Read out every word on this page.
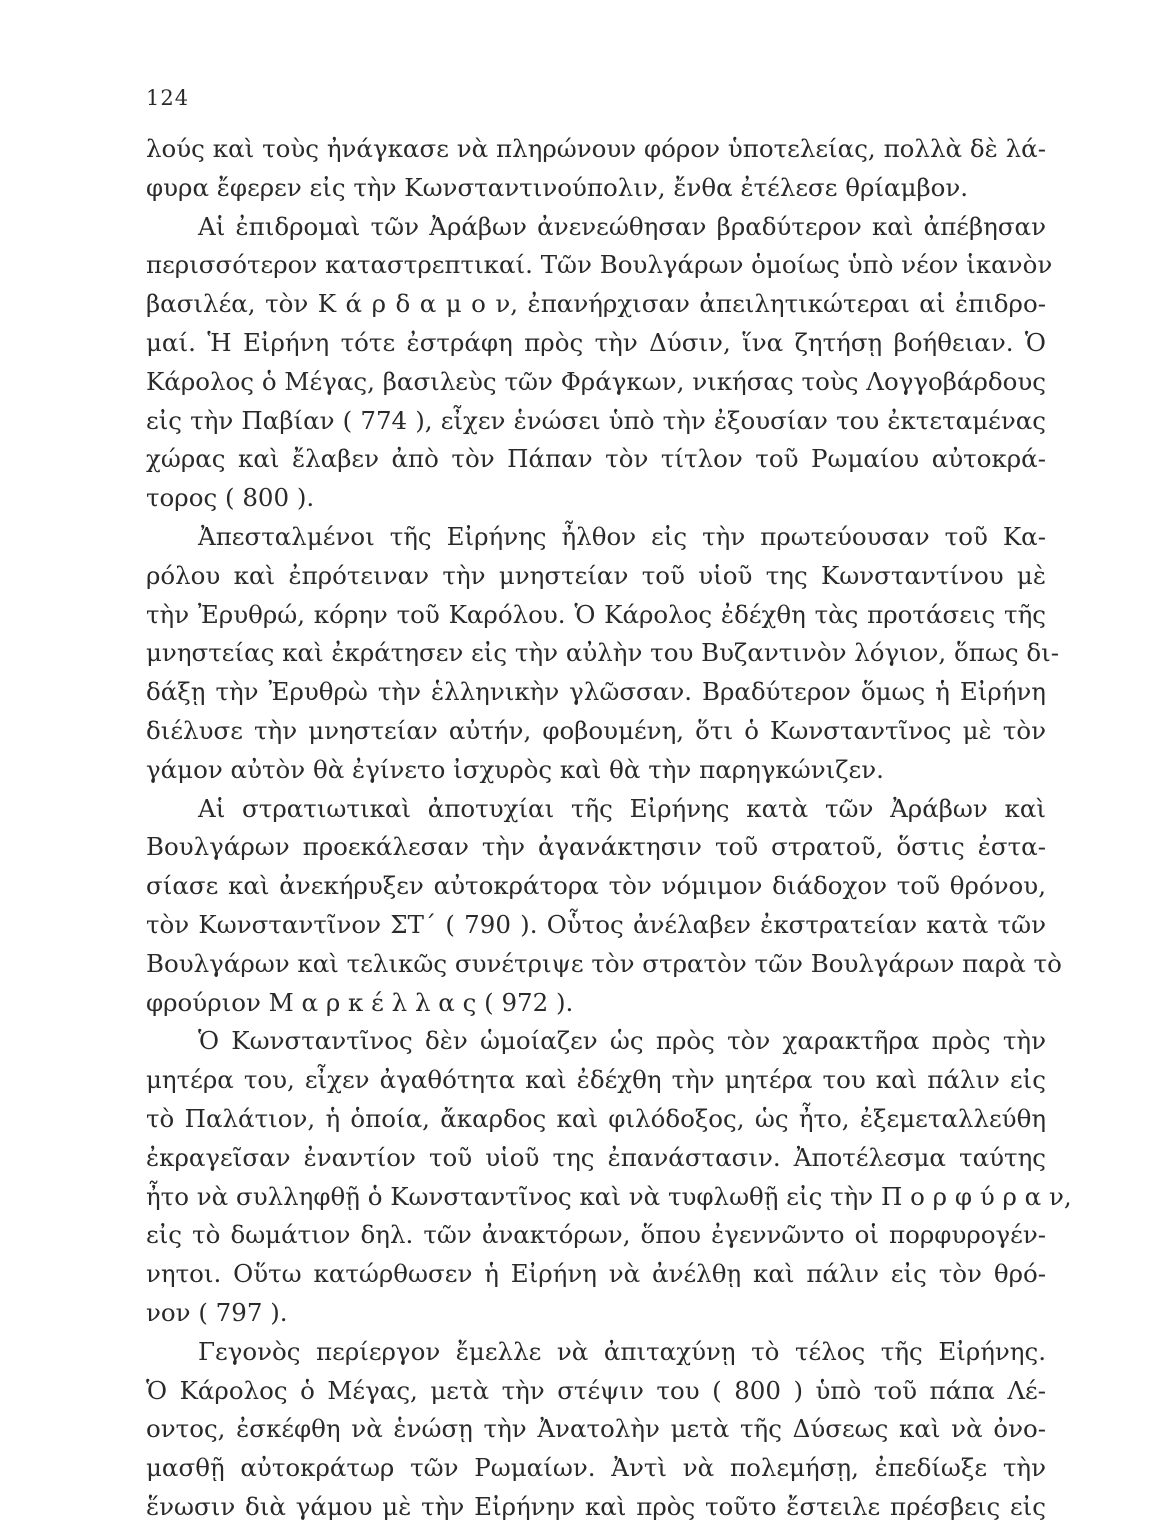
124
λούς καὶ τοὺς ἠνάγκασε νὰ πληρώνουν φόρον ὑποτελείας, πολλὰ δὲ λά-
φυρα ἔφερεν εἰς τὴν Κωνσταντινούπολιν, ἔνθα ἐτέλεσε θρίαμβον.
Αἱ ἐπιδρομαὶ τῶν Ἀράβων ἀνενεώθησαν βραδύτερον καὶ ἀπέβησαν
περισσότερον καταστρεπτικαί. Τῶν Βουλγάρων ὁμοίως ὑπὸ νέον ἱκανὸν
βασιλέα, τὸν Κ ά ρ δ α μ ο ν, ἐπανήρχισαν ἀπειλητικώτεραι αἱ ἐπιδρο-
μαί. Ἡ Εἰρήνη τότε ἐστράφη πρὸς τὴν Δύσιν, ἵνα ζητήσῃ βοήθειαν. Ὁ
Κάρολος ὁ Μέγας, βασιλεὺς τῶν Φράγκων, νικήσας τοὺς Λογγοβάρδους
εἰς τὴν Παβίαν ( 774 ), εἶχεν ἑνώσει ὑπὸ τὴν ἐξουσίαν του ἐκτεταμένας
χώρας καὶ ἔλαβεν ἀπὸ τὸν Πάπαν τὸν τίτλον τοῦ Ρωμαίου αὐτοκρά-
τορος ( 800 ).
Ἀπεσταλμένοι τῆς Εἰρήνης ἦλθον εἰς τὴν πρωτεύουσαν τοῦ Κα-
ρόλου καὶ ἐπρότειναν τὴν μνηστείαν τοῦ υἱοῦ της Κωνσταντίνου μὲ
τὴν Ἐρυθρώ, κόρην τοῦ Καρόλου. Ὁ Κάρολος ἐδέχθη τὰς προτάσεις τῆς
μνηστείας καὶ ἐκράτησεν εἰς τὴν αὐλὴν του Βυζαντινὸν λόγιον, ὅπως δι-
δάξῃ τὴν Ἐρυθρὼ τὴν ἑλληνικὴν γλῶσσαν. Βραδύτερον ὅμως ἡ Εἰρήνη
διέλυσε τὴν μνηστείαν αὐτήν, φοβουμένη, ὅτι ὁ Κωνσταντῖνος μὲ τὸν
γάμον αὐτὸν θὰ ἐγίνετο ἰσχυρὸς καὶ θὰ τὴν παρηγκώνιζεν.
Αἱ στρατιωτικαὶ ἀποτυχίαι τῆς Εἰρήνης κατὰ τῶν Ἀράβων καὶ
Βουλγάρων προεκάλεσαν τὴν ἀγανάκτησιν τοῦ στρατοῦ, ὅστις ἐστα-
σίασε καὶ ἀνεκήρυξεν αὐτοκράτορα τὸν νόμιμον διάδοχον τοῦ θρόνου,
τὸν Κωνσταντῖνον ΣΤ΄ ( 790 ). Οὗτος ἀνέλαβεν ἐκστρατείαν κατὰ τῶν
Βουλγάρων καὶ τελικῶς συνέτριψε τὸν στρατὸν τῶν Βουλγάρων παρὰ τὸ
φρούριον Μ α ρ κ έ λ λ α ς ( 972 ).
Ὁ Κωνσταντῖνος δὲν ὡμοίαζεν ὡς πρὸς τὸν χαρακτῆρα πρὸς τὴν
μητέρα του, εἶχεν ἀγαθότητα καὶ ἐδέχθη τὴν μητέρα του καὶ πάλιν εἰς
τὸ Παλάτιον, ἡ ὁποία, ἄκαρδος καὶ φιλόδοξος, ὡς ἦτο, ἐξεμεταλλεύθη
ἐκραγεῖσαν ἐναντίον τοῦ υἱοῦ της ἐπανάστασιν. Ἀποτέλεσμα ταύτης
ἦτο νὰ συλληφθῇ ὁ Κωνσταντῖνος καὶ νὰ τυφλωθῇ εἰς τὴν Π ο ρ φ ύ ρ α ν,
εἰς τὸ δωμάτιον δηλ. τῶν ἀνακτόρων, ὅπου ἐγεννῶντο οἱ πορφυρογέν-
νητοι. Οὕτω κατώρθωσεν ἡ Εἰρήνη νὰ ἀνέλθῃ καὶ πάλιν εἰς τὸν θρό-
νον ( 797 ).
Γεγονὸς περίεργον ἔμελλε νὰ ἀπιταχύνῃ τὸ τέλος τῆς Εἰρήνης.
Ὁ Κάρολος ὁ Μέγας, μετὰ τὴν στέψιν του ( 800 ) ὑπὸ τοῦ πάπα Λέ-
οντος, ἐσκέφθη νὰ ἑνώσῃ τὴν Ἀνατολὴν μετὰ τῆς Δύσεως καὶ νὰ ὀνο-
μασθῇ αὐτοκράτωρ τῶν Ρωμαίων. Ἀντὶ νὰ πολεμήσῃ, ἐπεδίωξε τὴν
ἕνωσιν διὰ γάμου μὲ τὴν Εἰρήνην καὶ πρὸς τοῦτο ἔστειλε πρέσβεις εἰς
